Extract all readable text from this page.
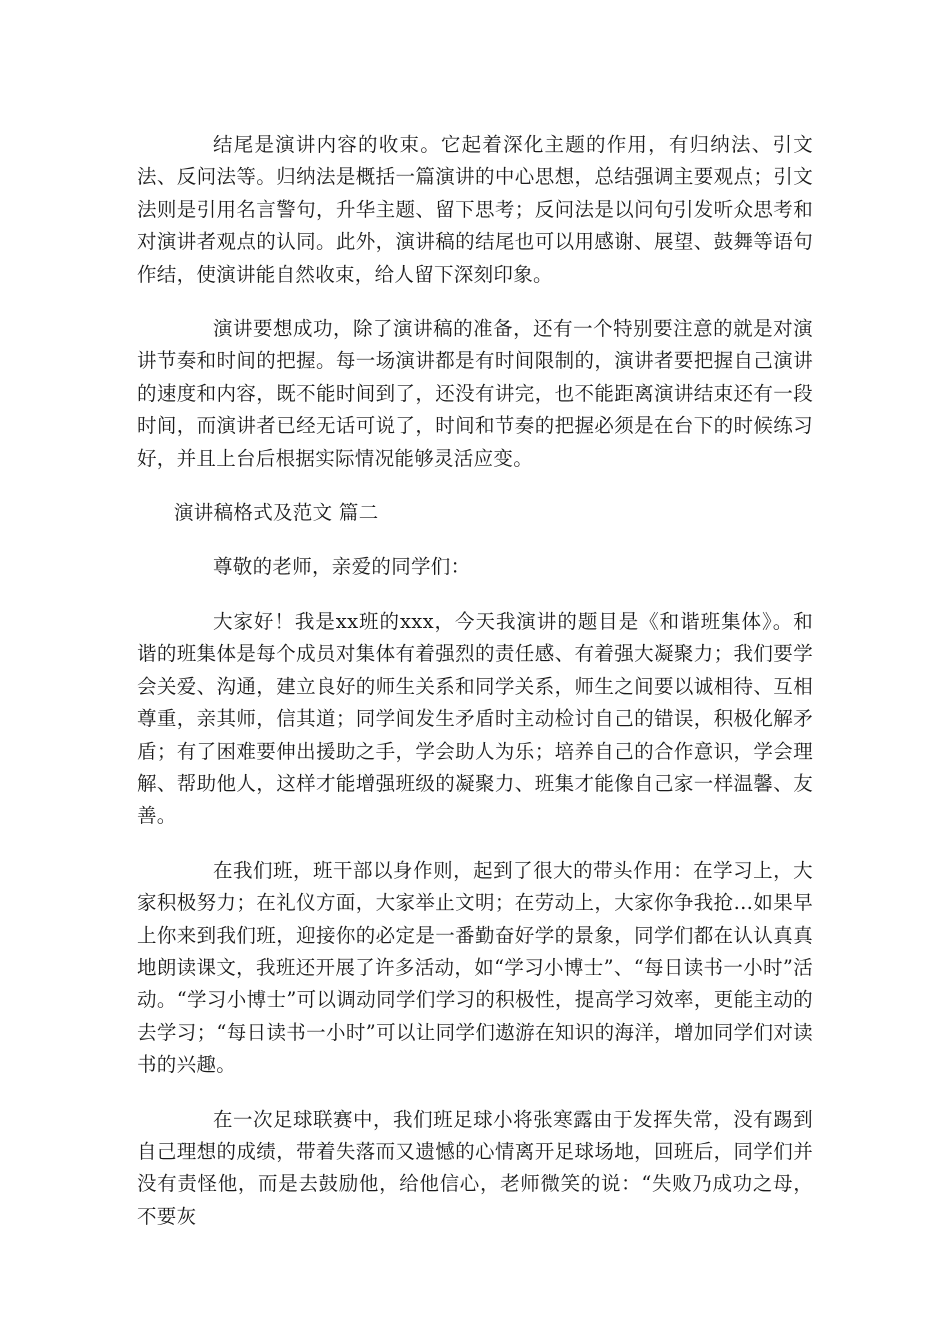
结尾是演讲内容的收束。它起着深化主题的作用，有归纳法、引文法、反问法等。归纳法是概括一篇演讲的中心思想，总结强调主要观点；引文法则是引用名言警句，升华主题、留下思考；反问法是以问句引发听众思考和对演讲者观点的认同。此外，演讲稿的结尾也可以用感谢、展望、鼓舞等语句作结，使演讲能自然收束，给人留下深刻印象。

演讲要想成功，除了演讲稿的准备，还有一个特别要注意的就是对演讲节奏和时间的把握。每一场演讲都是有时间限制的，演讲者要把握自己演讲的速度和内容，既不能时间到了，还没有讲完，也不能距离演讲结束还有一段时间，而演讲者已经无话可说了，时间和节奏的把握必须是在台下的时候练习好，并且上台后根据实际情况能够灵活应变。

演讲稿格式及范文 篇二

尊敬的老师，亲爱的同学们：

大家好！我是xx班的xxx，今天我演讲的题目是《和谐班集体》。和谐的班集体是每个成员对集体有着强烈的责任感、有着强大凝聚力；我们要学会关爱、沟通，建立良好的师生关系和同学关系，师生之间要以诚相待、互相尊重，亲其师，信其道；同学间发生矛盾时主动检讨自己的错误，积极化解矛盾；有了困难要伸出援助之手，学会助人为乐；培养自己的合作意识，学会理解、帮助他人，这样才能增强班级的凝聚力、班集才能像自己家一样温馨、友善。

在我们班，班干部以身作则，起到了很大的带头作用：在学习上，大家积极努力；在礼仪方面，大家举止文明；在劳动上，大家你争我抢…如果早上你来到我们班，迎接你的必定是一番勤奋好学的景象，同学们都在认认真真地朗读课文，我班还开展了许多活动，如“学习小博士”、“每日读书一小时”活动。“学习小博士”可以调动同学们学习的积极性，提高学习效率，更能主动的去学习；“每日读书一小时”可以让同学们遨游在知识的海洋，增加同学们对读书的兴趣。

在一次足球联赛中，我们班足球小将张寒露由于发挥失常，没有踢到自己理想的成绩，带着失落而又遗憾的心情离开足球场地，回班后，同学们并没有责怪他，而是去鼓励他，给他信心，老师微笑的说：“失败乃成功之母，不要灰
